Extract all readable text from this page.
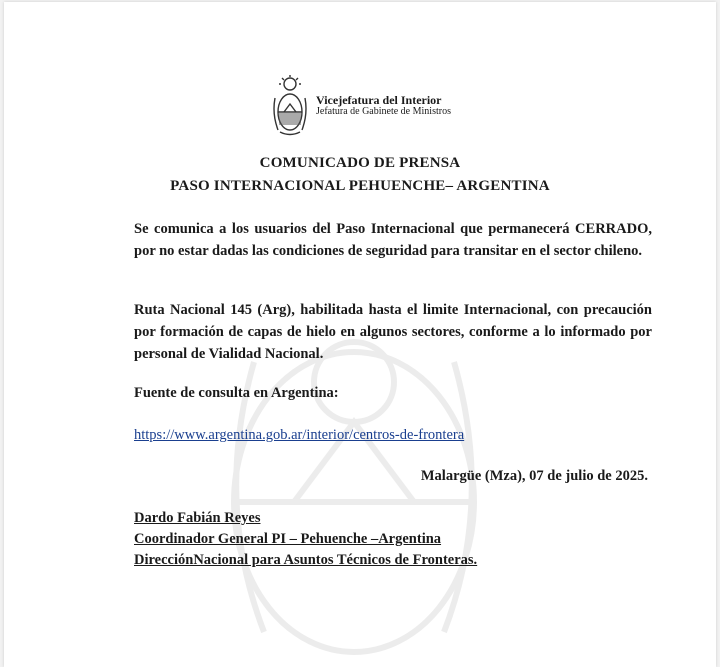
Vicejefatura del Interior
Jefatura de Gabinete de Ministros
COMUNICADO DE PRENSA
PASO INTERNACIONAL PEHUENCHE– ARGENTINA

Se comunica a los usuarios del Paso Internacional que permanecerá CERRADO, por no estar dadas las condiciones de seguridad para transitar en el sector chileno.

Ruta Nacional 145 (Arg), habilitada hasta el limite Internacional, con precaución por formación de capas de hielo en algunos sectores, conforme a lo informado por personal de Vialidad Nacional.

Fuente de consulta en Argentina:
https://www.argentina.gob.ar/interior/centros-de-frontera
Malargüe (Mza), 07 de julio de 2025.
Dardo Fabián Reyes
Coordinador General PI – Pehuenche –Argentina
DirecciónNacional para Asuntos Técnicos de Fronteras.
